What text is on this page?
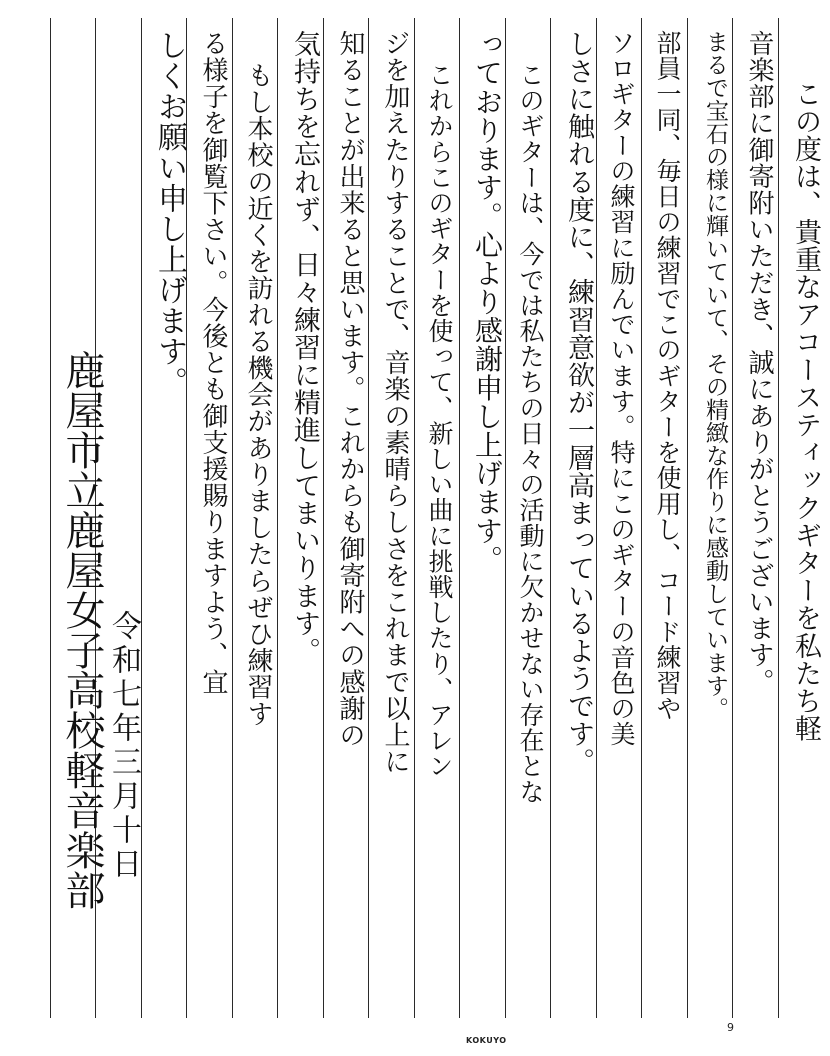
この度は、貴重なアコースティックギターを私たち軽
音楽部に御寄附いただき、誠にありがとうございます。
まるで宝石の様に輝いていて、その精緻な作りに感動しています。
部員一同、毎日の練習でこのギターを使用し、コード練習や
ソロギターの練習に励んでいます。特にこのギターの音色の美
しさに触れる度に、練習意欲が一層高まっているようです。
このギターは、今では私たちの日々の活動に欠かせない存在とな
っております。心より感謝申し上げます。
これからこのギターを使って、新しい曲に挑戦したり、アレン
ジを加えたりすることで、音楽の素晴らしさをこれまで以上に
知ることが出来ると思います。これからも御寄附への感謝の
気持ちを忘れず、日々練習に精進してまいります。
もし本校の近くを訪れる機会がありましたらぜひ練習す
る様子を御覧下さい。今後とも御支援賜りますよう、宜
しくお願い申し上げます。
令和七年三月十日
鹿屋市立鹿屋女子高校軽音楽部
KOKUYO
9
